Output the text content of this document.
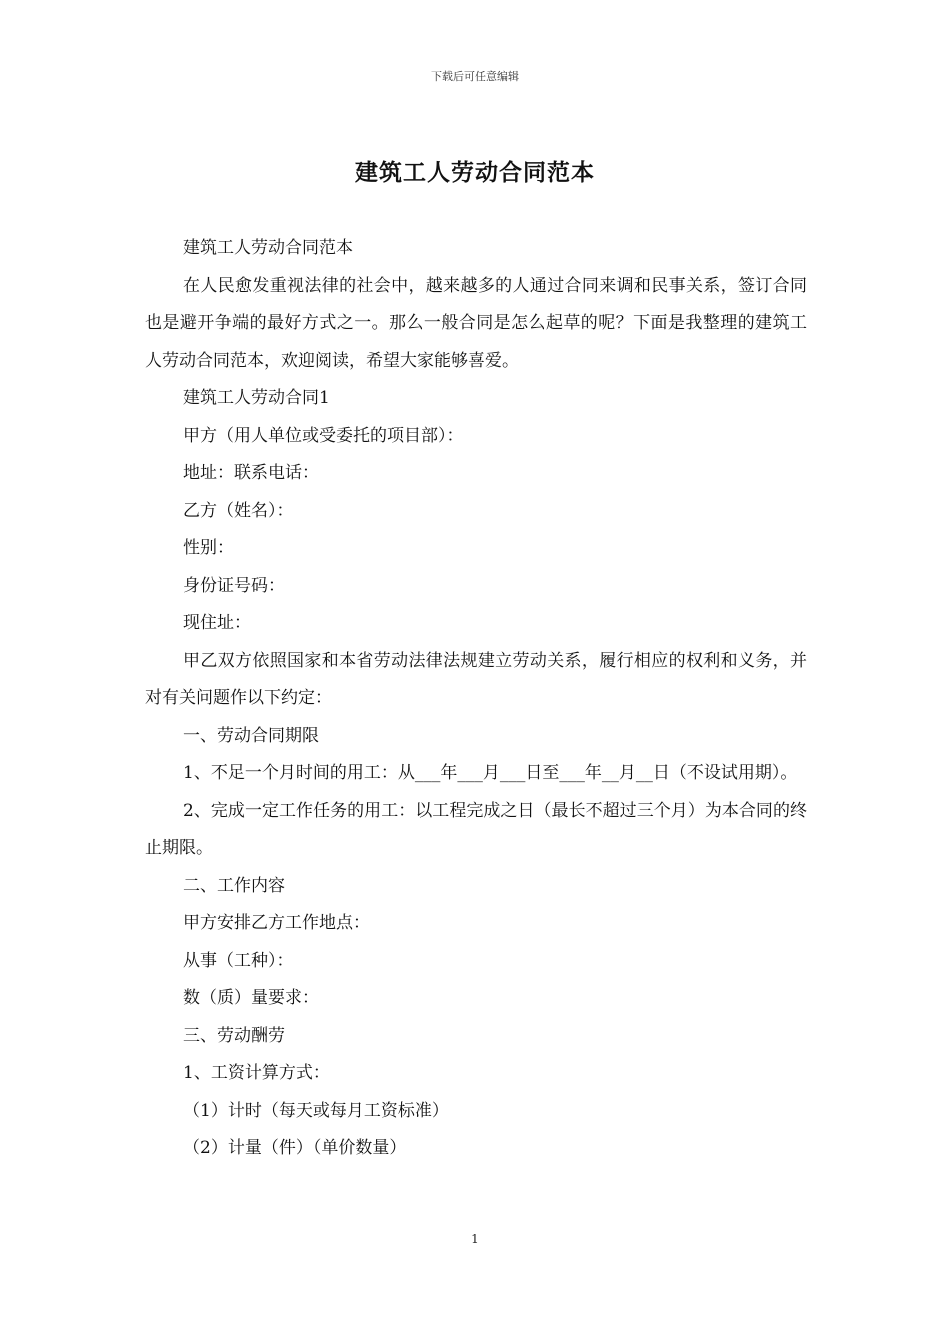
下载后可任意编辑
建筑工人劳动合同范本

建筑工人劳动合同范本

在人民愈发重视法律的社会中，越来越多的人通过合同来调和民事关系，签订合同也是避开争端的最好方式之一。那么一般合同是怎么起草的呢？下面是我整理的建筑工人劳动合同范本，欢迎阅读，希望大家能够喜爱。

建筑工人劳动合同1

甲方（用人单位或受委托的项目部）：

地址：联系电话：

乙方（姓名）：

性别：

身份证号码：

现住址：

甲乙双方依照国家和本省劳动法律法规建立劳动关系，履行相应的权利和义务，并对有关问题作以下约定：

一、劳动合同期限

1、不足一个月时间的用工：从___年___月___日至___年__月__日（不设试用期）。

2、完成一定工作任务的用工：以工程完成之日（最长不超过三个月）为本合同的终止期限。

二、工作内容

甲方安排乙方工作地点：

从事（工种）：

数（质）量要求：

三、劳动酬劳

1、工资计算方式：

（1）计时（每天或每月工资标准）

（2）计量（件）（单价数量）

1
